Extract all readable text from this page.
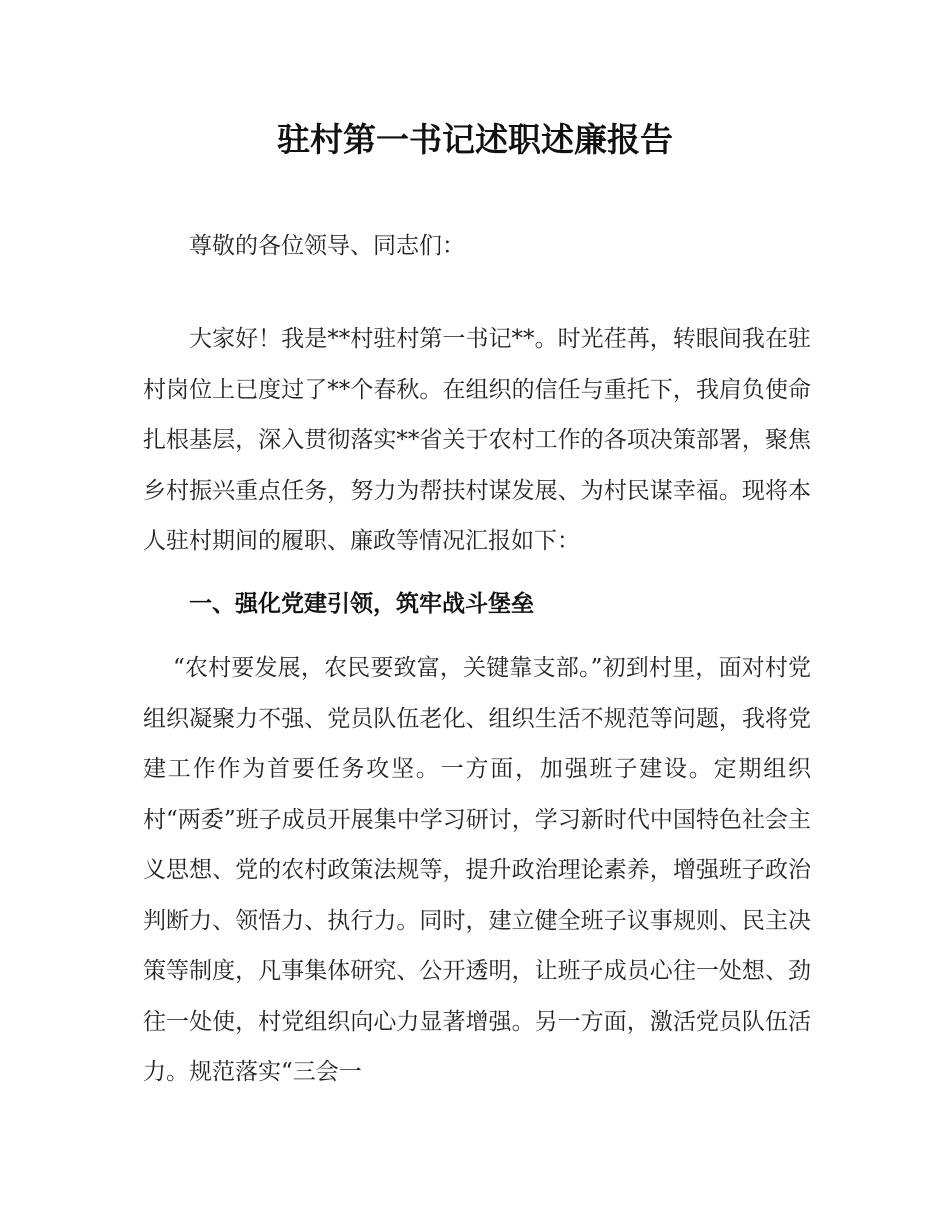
驻村第一书记述职述廉报告

尊敬的各位领导、同志们：

大家好！我是**村驻村第一书记**。时光荏苒，转眼间我在驻村岗位上已度过了**个春秋。在组织的信任与重托下，我肩负使命扎根基层，深入贯彻落实**省关于农村工作的各项决策部署，聚焦乡村振兴重点任务，努力为帮扶村谋发展、为村民谋幸福。现将本人驻村期间的履职、廉政等情况汇报如下：

一、强化党建引领，筑牢战斗堡垒

“农村要发展，农民要致富，关键靠支部。”初到村里，面对村党组织凝聚力不强、党员队伍老化、组织生活不规范等问题，我将党建工作作为首要任务攻坚。一方面，加强班子建设。定期组织村“两委”班子成员开展集中学习研讨，学习新时代中国特色社会主义思想、党的农村政策法规等，提升政治理论素养，增强班子政治判断力、领悟力、执行力。同时，建立健全班子议事规则、民主决策等制度，凡事集体研究、公开透明，让班子成员心往一处想、劲往一处使，村党组织向心力显著增强。另一方面，激活党员队伍活力。规范落实“三会一
